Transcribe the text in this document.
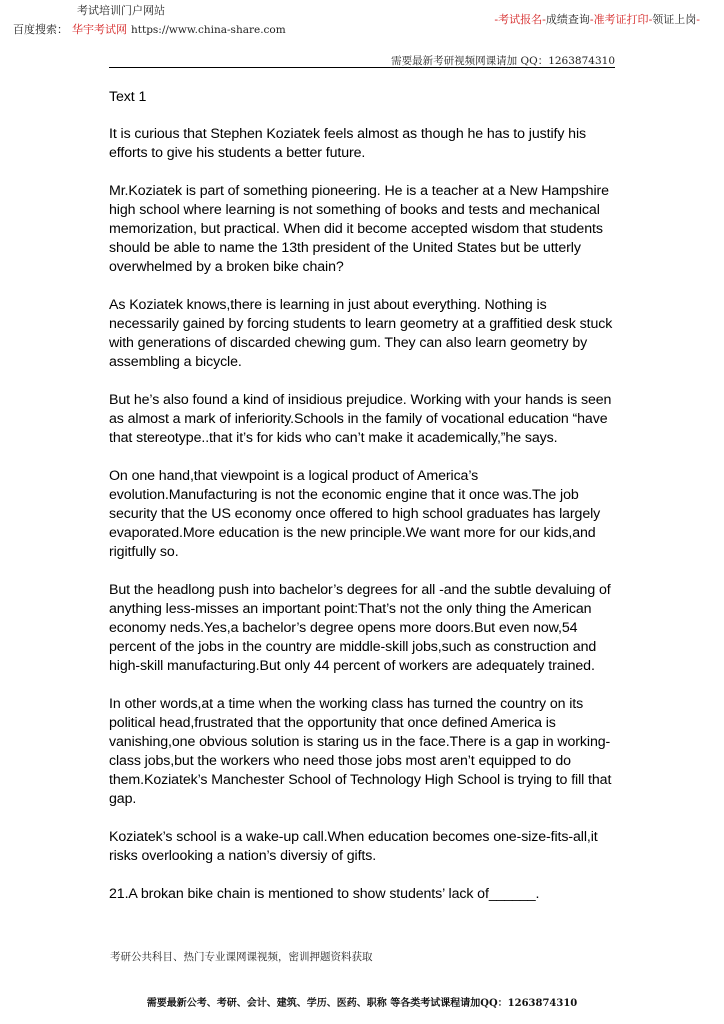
考试培训门户网站
百度搜索： 华宇考试网 https://www.china-share.com
-考试报名-成绩查询-准考证打印-领证上岗-
需要最新考研视频网课请加 QQ：1263874310

Text 1

It is curious that Stephen Koziatek feels almost as though he has to justify his efforts to give his students a better future.

Mr.Koziatek is part of something pioneering. He is a teacher at a New Hampshire high school where learning is not something of books and tests and mechanical memorization, but practical. When did it become accepted wisdom that students should be able to name the 13th president of the United States but be utterly overwhelmed by a broken bike chain?

As Koziatek knows,there is learning in just about everything. Nothing is necessarily gained by forcing students to learn geometry at a graffitied desk stuck with generations of discarded chewing gum. They can also learn geometry by assembling a bicycle.

But he’s also found a kind of insidious prejudice. Working with your hands is seen as almost a mark of inferiority.Schools in the family of vocational education “have that stereotype..that it’s for kids who can’t make it academically,”he says.

On one hand,that viewpoint is a logical product of America’s evolution.Manufacturing is not the economic engine that it once was.The job security that the US economy once offered to high school graduates has largely evaporated.More education is the new principle.We want more for our kids,and rigitfully so.

But the headlong push into bachelor’s degrees for all -and the subtle devaluing of anything less-misses an important point:That’s not the only thing the American economy neds.Yes,a bachelor’s degree opens more doors.But even now,54 percent of the jobs in the country are middle-skill jobs,such as construction and high-skill manufacturing.But only 44 percent of workers are adequately trained.

In other words,at a time when the working class has turned the country on its political head,frustrated that the opportunity that once defined America is vanishing,one obvious solution is staring us in the face.There is a gap in working-class jobs,but the workers who need those jobs most aren’t equipped to do them.Koziatek’s Manchester School of Technology High School is trying to fill that gap.

Koziatek’s school is a wake-up call.When education becomes one-size-fits-all,it risks overlooking a nation’s diversiy of gifts.

21.A brokan bike chain is mentioned to show students’ lack of______.

考研公共科目、热门专业课网课视频，密训押题资料获取
需要最新公考、考研、会计、建筑、学历、医药、职称 等各类考试课程请加QQ：1263874310
